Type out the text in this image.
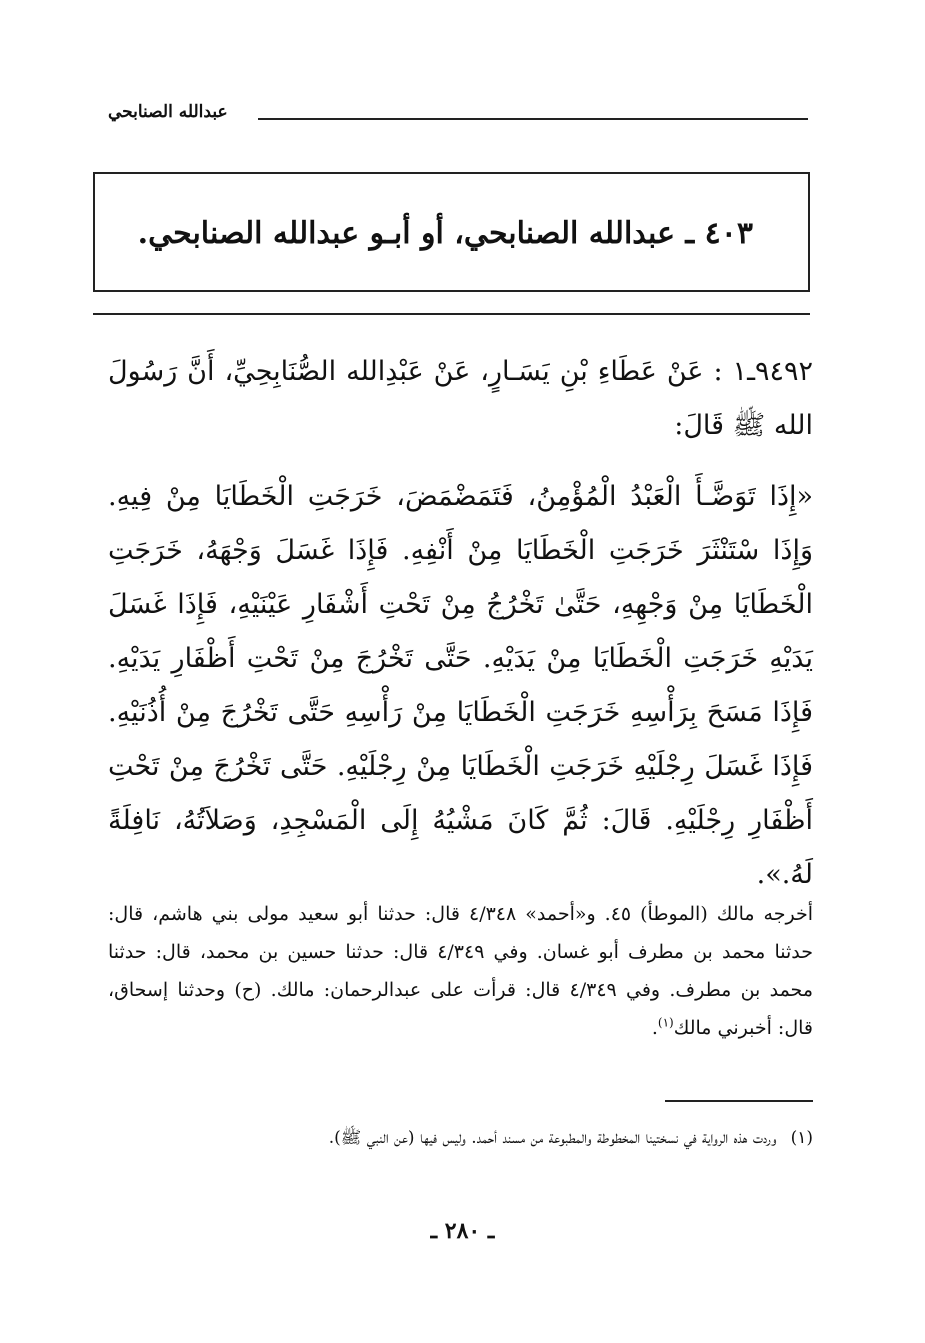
عبدالله الصنابحي
٤٠٣ ـ عبدالله الصنابحي، أو أبـو عبدالله الصنابحي.

٩٤٩٢ـ١ : عَنْ عَطَاءِ بْنِ يَسَـارٍ، عَنْ عَبْدِالله الصُّنَابِحِيِّ، أَنَّ رَسُولَ الله ﷺ قَالَ:

«إِذَا تَوَضَّـأَ الْعَبْدُ الْمُؤْمِنُ، فَتَمَضْمَضَ، خَرَجَتِ الْخَطَايَا مِنْ فِيهِ. وَإِذَا سْتَنْثَرَ خَرَجَتِ الْخَطَايَا مِنْ أَنْفِهِ. فَإِذَا غَسَلَ وَجْهَهُ، خَرَجَتِ الْخَطَايَا مِنْ وَجْهِهِ، حَتَّىٰ تَخْرُجُ مِنْ تَحْتِ أَشْفَارِ عَيْنَيْهِ، فَإِذَا غَسَلَ يَدَيْهِ خَرَجَتِ الْخَطَايَا مِنْ يَدَيْهِ. حَتَّى تَخْرُجَ مِنْ تَحْتِ أَظْفَارِ يَدَيْهِ. فَإِذَا مَسَحَ بِرَأْسِهِ خَرَجَتِ الْخَطَايَا مِنْ رَأْسِهِ حَتَّى تَخْرُجَ مِنْ أُذُنَيْهِ. فَإِذَا غَسَلَ رِجْلَيْهِ خَرَجَتِ الْخَطَايَا مِنْ رِجْلَيْهِ. حَتَّى تَخْرُجَ مِنْ تَحْتِ أَظْفَارِ رِجْلَيْهِ. قَالَ: ثُمَّ كَانَ مَشْيُهُ إِلَى الْمَسْجِدِ، وَصَلاَتُهُ، نَافِلَةً لَهُ.».

أخرجه مالك (الموطأ) ٤٥. و«أحمد» ٤/٣٤٨ قال: حدثنا أبو سعيد مولى بني هاشم، قال: حدثنا محمد بن مطرف أبو غسان. وفي ٤/٣٤٩ قال: حدثنا حسين بن محمد، قال: حدثنا محمد بن مطرف. وفي ٤/٣٤٩ قال: قرأت على عبدالرحمان: مالك. (ح) وحدثنا إسحاق، قال: أخبرني مالك$^{(١)}$.

(١)وردت هذه الرواية في نسختينا المخطوطة والمطبوعة من مسند أحمد. وليس فيها (عن النبي ﷺ).
ـ ٢٨٠ ـ
